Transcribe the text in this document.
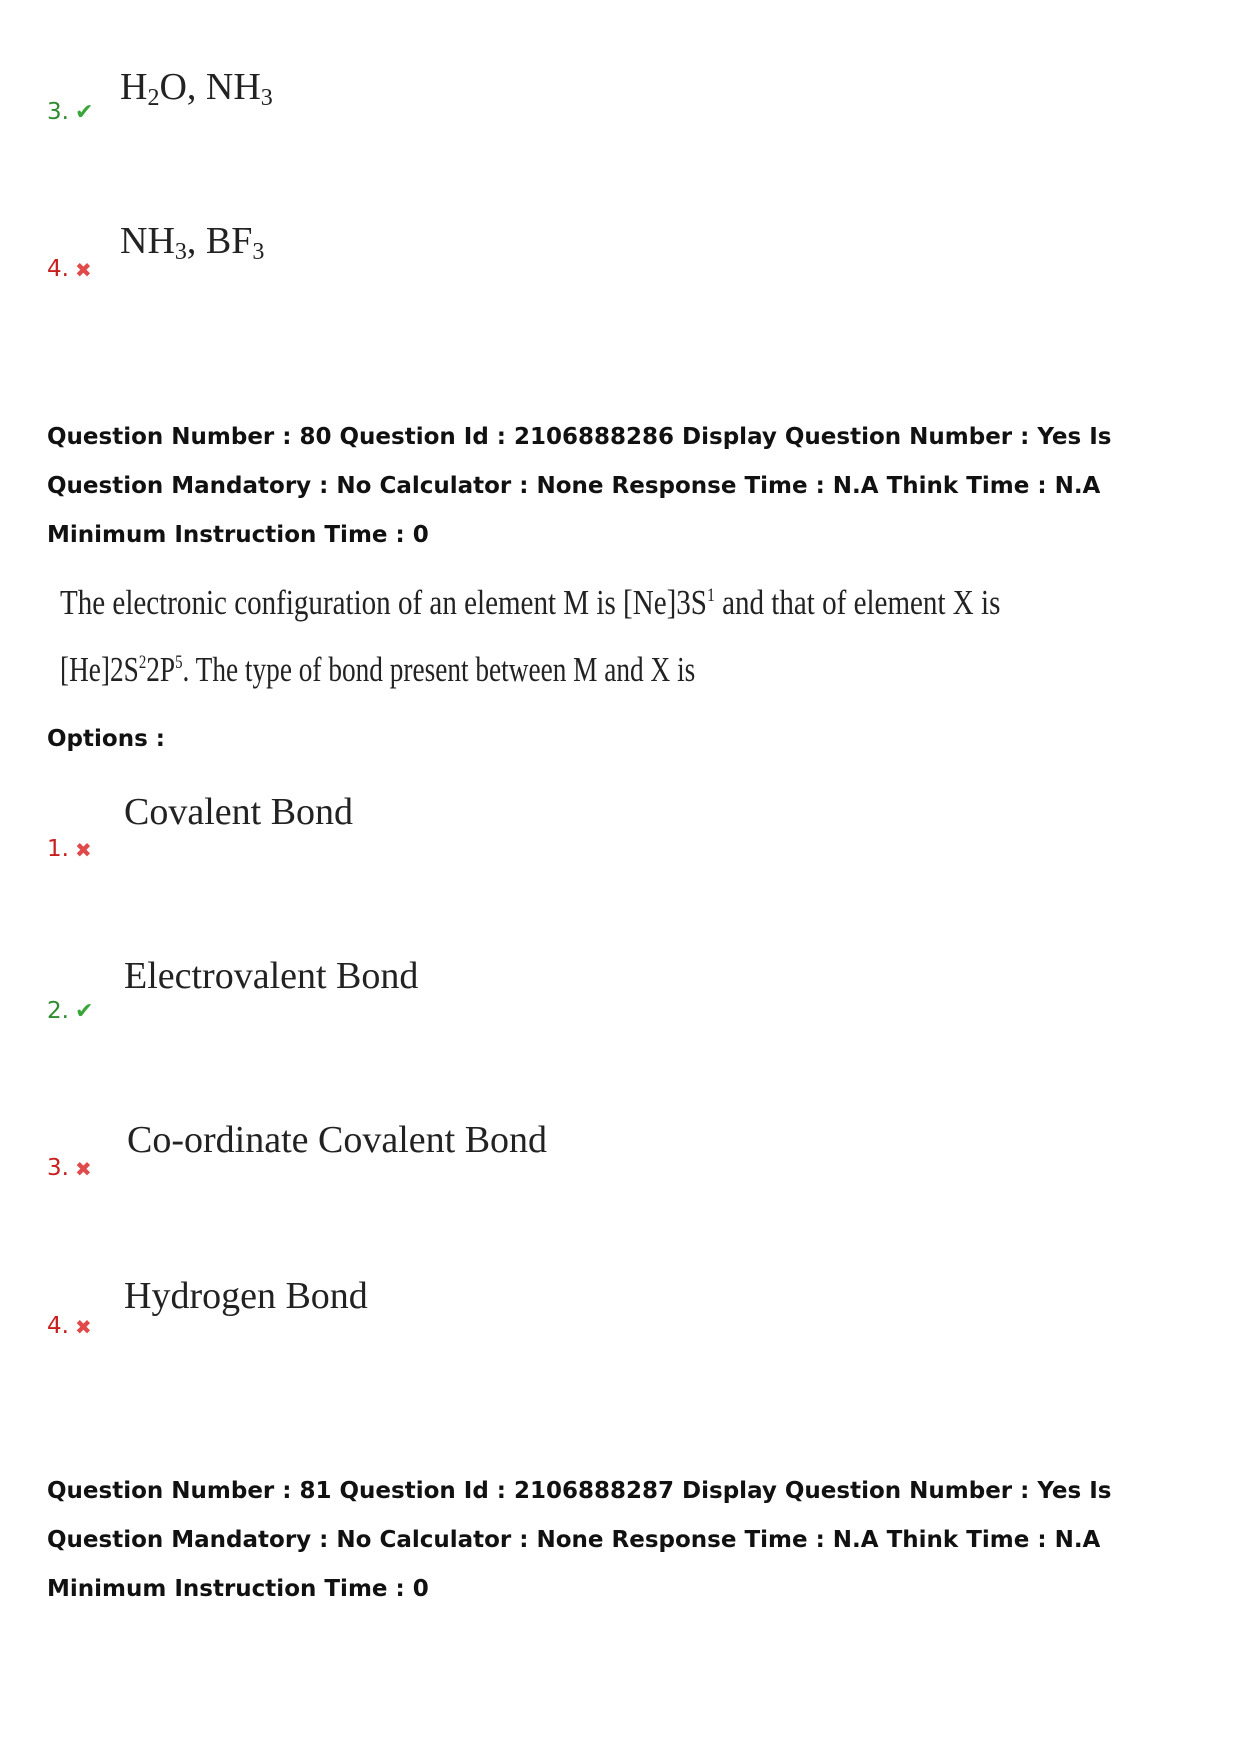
$H_2O$, $NH_3$
3. ✔
$NH_3$, $BF_3$
4. ✖
Question Number : 80 Question Id : 2106888286 Display Question Number : Yes Is Question Mandatory : No Calculator : None Response Time : N.A Think Time : N.A Minimum Instruction Time : 0
The electronic configuration of an element M is $[Ne]3S^1$ and that of element X is
$[He]2S^22P^5$. The type of bond present between M and X is
Options :
Covalent Bond
1. ✖
Electrovalent Bond
2. ✔
Co-ordinate Covalent Bond
3. ✖
Hydrogen Bond
4. ✖
Question Number : 81 Question Id : 2106888287 Display Question Number : Yes Is Question Mandatory : No Calculator : None Response Time : N.A Think Time : N.A Minimum Instruction Time : 0
